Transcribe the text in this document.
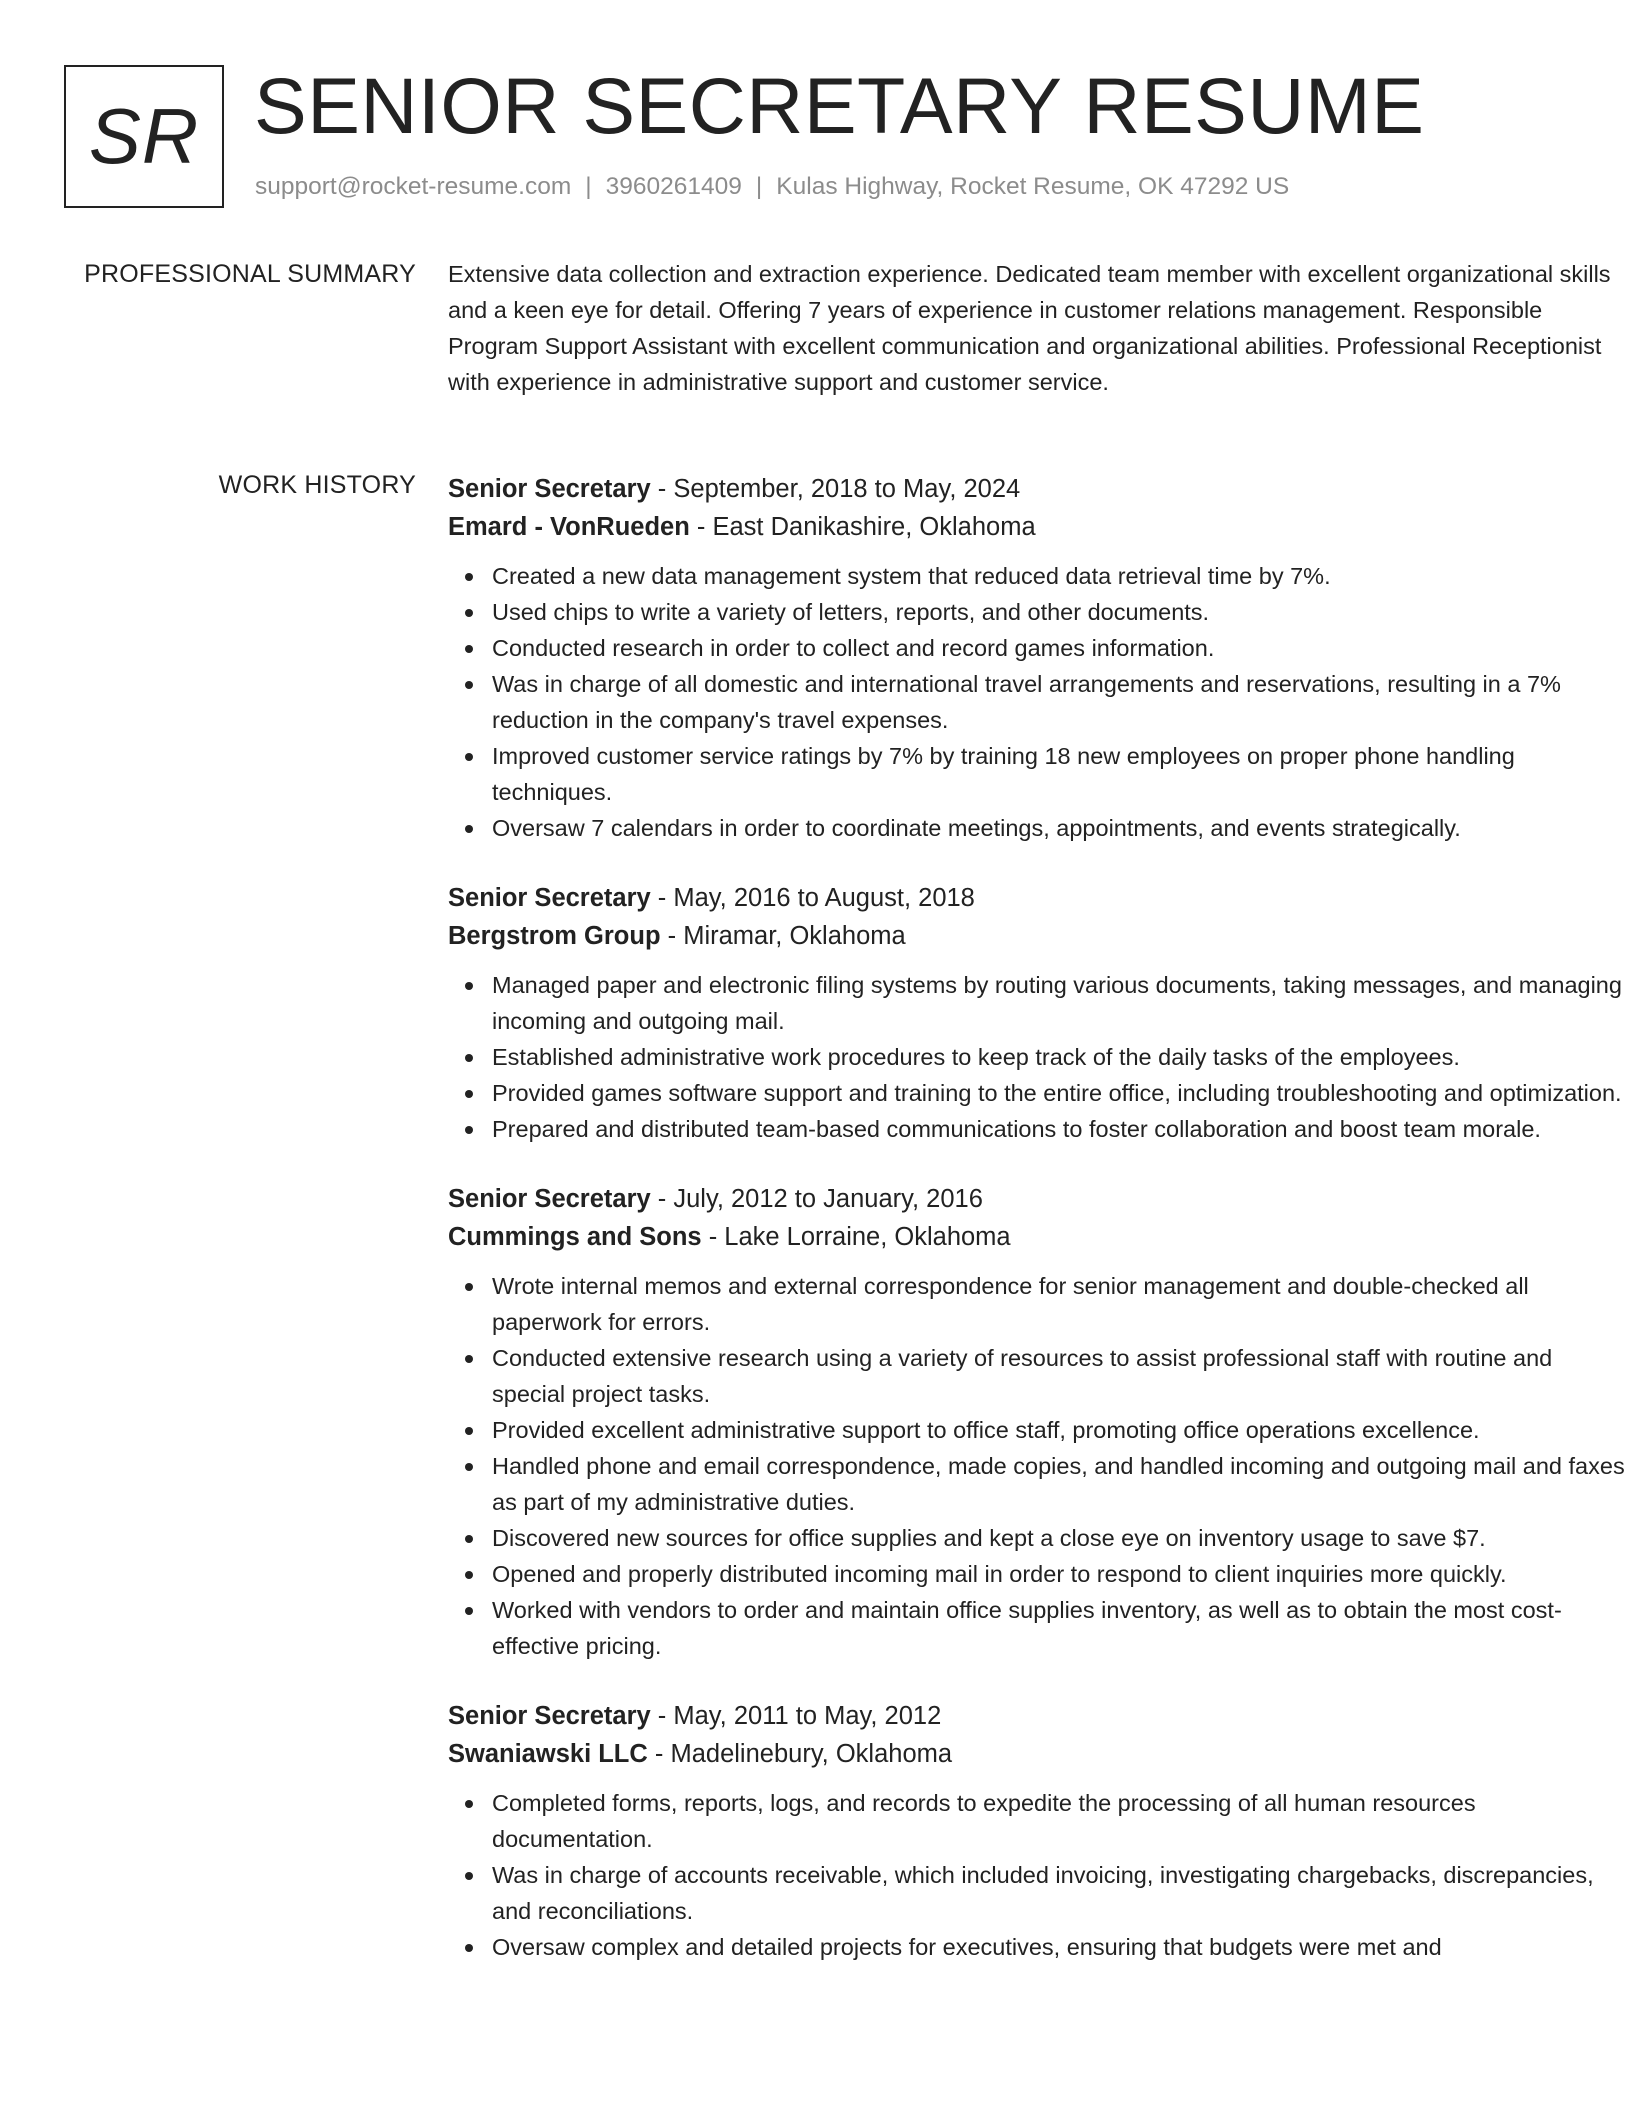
SR SENIOR SECRETARY RESUME
support@rocket-resume.com | 3960261409 | Kulas Highway, Rocket Resume, OK 47292 US
PROFESSIONAL SUMMARY Extensive data collection and extraction experience. Dedicated team member with excellent organizational skills and a keen eye for detail. Offering 7 years of experience in customer relations management. Responsible Program Support Assistant with excellent communication and organizational abilities. Professional Receptionist with experience in administrative support and customer service.
WORK HISTORY Senior Secretary - September, 2018 to May, 2024
Emard - VonRueden - East Danikashire, Oklahoma
Created a new data management system that reduced data retrieval time by 7%.
Used chips to write a variety of letters, reports, and other documents.
Conducted research in order to collect and record games information.
Was in charge of all domestic and international travel arrangements and reservations, resulting in a 7% reduction in the company's travel expenses.
Improved customer service ratings by 7% by training 18 new employees on proper phone handling techniques.
Oversaw 7 calendars in order to coordinate meetings, appointments, and events strategically.
Senior Secretary - May, 2016 to August, 2018
Bergstrom Group - Miramar, Oklahoma
Managed paper and electronic filing systems by routing various documents, taking messages, and managing incoming and outgoing mail.
Established administrative work procedures to keep track of the daily tasks of the employees.
Provided games software support and training to the entire office, including troubleshooting and optimization.
Prepared and distributed team-based communications to foster collaboration and boost team morale.
Senior Secretary - July, 2012 to January, 2016
Cummings and Sons - Lake Lorraine, Oklahoma
Wrote internal memos and external correspondence for senior management and double-checked all paperwork for errors.
Conducted extensive research using a variety of resources to assist professional staff with routine and special project tasks.
Provided excellent administrative support to office staff, promoting office operations excellence.
Handled phone and email correspondence, made copies, and handled incoming and outgoing mail and faxes as part of my administrative duties.
Discovered new sources for office supplies and kept a close eye on inventory usage to save $7.
Opened and properly distributed incoming mail in order to respond to client inquiries more quickly.
Worked with vendors to order and maintain office supplies inventory, as well as to obtain the most cost-effective pricing.
Senior Secretary - May, 2011 to May, 2012
Swaniawski LLC - Madelinebury, Oklahoma
Completed forms, reports, logs, and records to expedite the processing of all human resources documentation.
Was in charge of accounts receivable, which included invoicing, investigating chargebacks, discrepancies, and reconciliations.
Oversaw complex and detailed projects for executives, ensuring that budgets were met and
